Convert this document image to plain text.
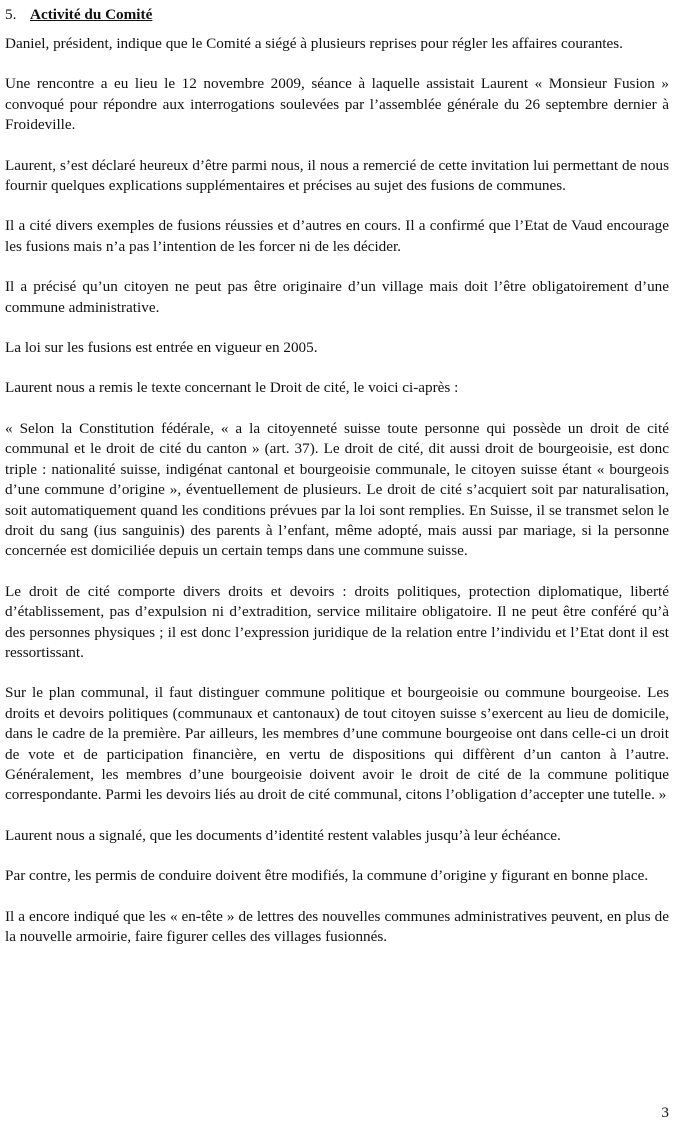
5. Activité du Comité

Daniel, président, indique que le Comité a siégé à plusieurs reprises pour régler les affaires courantes.

Une rencontre a eu lieu le 12 novembre 2009, séance à laquelle assistait Laurent « Monsieur Fusion » convoqué pour répondre aux interrogations soulevées par l’assemblée générale du 26 septembre dernier à Froideville.

Laurent, s’est déclaré heureux d’être parmi nous, il nous a remercié de cette invitation lui permettant de nous fournir quelques explications supplémentaires et précises au sujet des fusions de communes.

Il a cité divers exemples de fusions réussies et d’autres en cours. Il a confirmé que l’Etat de Vaud encourage les fusions mais n’a pas l’intention de les forcer ni de les décider.

Il a précisé qu’un citoyen ne peut pas être originaire d’un village mais doit l’être obligatoirement d’une commune administrative.

La loi sur les fusions est entrée en vigueur en 2005.

Laurent nous a remis le texte concernant le Droit de cité, le voici ci-après :

« Selon la Constitution fédérale, « a la citoyenneté suisse toute personne qui possède un droit de cité communal et le droit de cité du canton » (art. 37). Le droit de cité, dit aussi droit de bourgeoisie, est donc triple : nationalité suisse, indigénat cantonal et bourgeoisie communale, le citoyen suisse étant « bourgeois d’une commune d’origine », éventuellement de plusieurs. Le droit de cité s’acquiert soit par naturalisation, soit automatiquement quand les conditions prévues par la loi sont remplies. En Suisse, il se transmet selon le droit du sang (ius sanguinis) des parents à l’enfant, même adopté, mais aussi par mariage, si la personne concernée est domiciliée depuis un certain temps dans une commune suisse.

Le droit de cité comporte divers droits et devoirs : droits politiques, protection diplomatique, liberté d’établissement, pas d’expulsion ni d’extradition, service militaire obligatoire. Il ne peut être conféré qu’à des personnes physiques ; il est donc l’expression juridique de la relation entre l’individu et l’Etat dont il est ressortissant.

Sur le plan communal, il faut distinguer commune politique et bourgeoisie ou commune bourgeoise. Les droits et devoirs politiques (communaux et cantonaux) de tout citoyen suisse s’exercent au lieu de domicile, dans le cadre de la première. Par ailleurs, les membres d’une commune bourgeoise ont dans celle-ci un droit de vote et de participation financière, en vertu de dispositions qui diffèrent d’un canton à l’autre. Généralement, les membres d’une bourgeoisie doivent avoir le droit de cité de la commune politique correspondante. Parmi les devoirs liés au droit de cité communal, citons l’obligation d’accepter une tutelle. »

Laurent nous a signalé, que les documents d’identité restent valables jusqu’à leur échéance.

Par contre, les permis de conduire doivent être modifiés, la commune d’origine y figurant en bonne place.

Il a encore indiqué que les « en-tête » de lettres des nouvelles communes administratives peuvent, en plus de la nouvelle armoirie, faire figurer celles des villages fusionnés.

3
